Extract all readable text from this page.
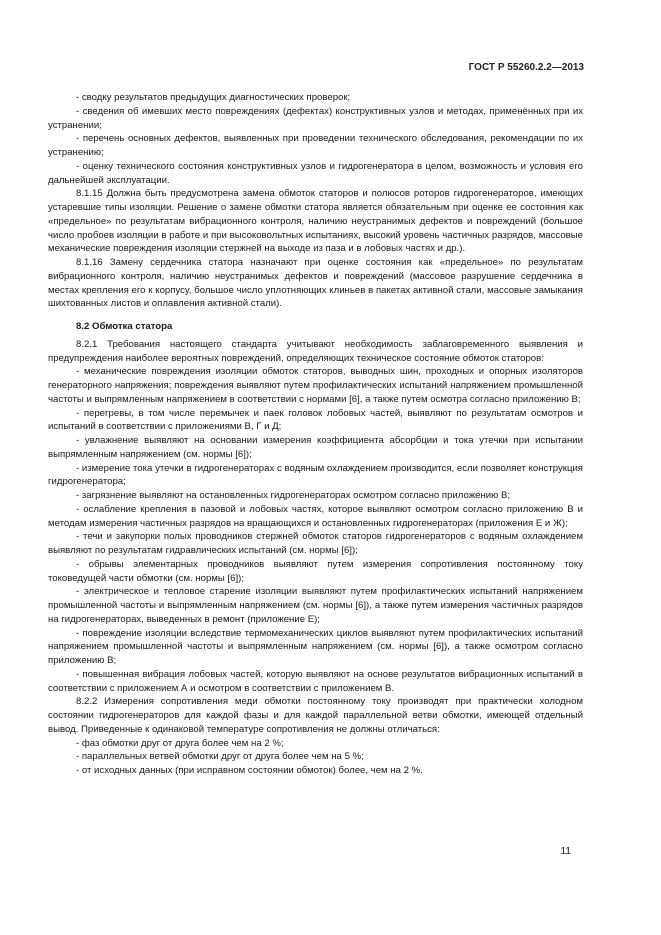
ГОСТ Р 55260.2.2—2013

- сводку результатов предыдущих диагностических проверок;

- сведения об имевших место повреждениях (дефектах) конструктивных узлов и методах, применённых при их устранении;

- перечень основных дефектов, выявленных при проведении технического обследования, рекомендации по их устранению;

- оценку технического состояния конструктивных узлов и гидрогенератора в целом, возможность и условия его дальнейшей эксплуатации.

8.1.15 Должна быть предусмотрена замена обмоток статоров и полюсов роторов гидрогенераторов, имеющих устаревшие типы изоляции. Решение о замене обмотки статора является обязательным при оценке ее состояния как «предельное» по результатам вибрационного контроля, наличию неустранимых дефектов и повреждений (большое число пробоев изоляции в работе и при высоковольтных испытаниях, высокий уровень частичных разрядов, массовые механические повреждения изоляции стержней на выходе из паза и в лобовых частях и др.).

8.1.16 Замену сердечника статора назначают при оценке состояния как «предельное» по результатам вибрационного контроля, наличию неустранимых дефектов и повреждений (массовое разрушение сердечника в местах крепления его к корпусу, большое число уплотняющих клиньев в пакетах активной стали, массовые замыкания шихтованных листов и оплавления активной стали).

8.2 Обмотка статора

8.2.1 Требования настоящего стандарта учитывают необходимость заблаговременного выявления и предупреждения наиболее вероятных повреждений, определяющих техническое состояние обмоток статоров:

- механические повреждения изоляции обмоток статоров, выводных шин, проходных и опорных изоляторов генераторного напряжения; повреждения выявляют путем профилактических испытаний напряжением промышленной частоты и выпрямленным напряжением в соответствии с нормами [6], а также путем осмотра согласно приложению В;

- перегревы, в том числе перемычек и паек головок лобовых частей, выявляют по результатам осмотров и испытаний в соответствии с приложениями В, Г и Д;

- увлажнение выявляют на основании измерения коэффициента абсорбции и тока утечки при испытании выпрямленным напряжением (см. нормы [6]);

- измерение тока утечки в гидрогенераторах с водяным охлаждением производится, если позволяет конструкция гидрогенератора;

- загрязнение выявляют на остановленных гидрогенераторах осмотром согласно приложению В;

- ослабление крепления в пазовой и лобовых частях, которое выявляют осмотром согласно приложению В и методам измерения частичных разрядов на вращающихся и остановленных гидрогенераторах (приложения Е и Ж);

- течи и закупорки полых проводников стержней обмоток статоров гидрогенераторов с водяным охлаждением выявляют по результатам гидравлических испытаний (см. нормы [6]);

- обрывы элементарных проводников выявляют путем измерения сопротивления постоянному току токоведущей части обмотки (см. нормы [6]);

- электрическое и тепловое старение изоляции выявляют путем профилактических испытаний напряжением промышленной частоты и выпрямленным напряжением (см. нормы [6]), а также путем измерения частичных разрядов на гидрогенераторах, выведенных в ремонт (приложение Е);

- повреждение изоляции вследствие термомеханических циклов выявляют путем профилактических испытаний напряжением промышленной частоты и выпрямленным напряжением (см. нормы [6]), а также осмотром согласно приложению В;

- повышенная вибрация лобовых частей, которую выявляют на основе результатов вибрационных испытаний в соответствии с приложением А и осмотром в соответствии с приложением В.

8.2.2 Измерения сопротивления меди обмотки постоянному току производят при практически холодном состоянии гидрогенераторов для каждой фазы и для каждой параллельной ветви обмотки, имеющей отдельный вывод. Приведенные к одинаковой температуре сопротивления не должны отличаться:

- фаз обмотки друг от друга более чем на 2 %;

- параллельных ветвей обмотки друг от друга более чем на 5 %;

- от исходных данных (при исправном состоянии обмоток) более, чем на 2 %.

11
